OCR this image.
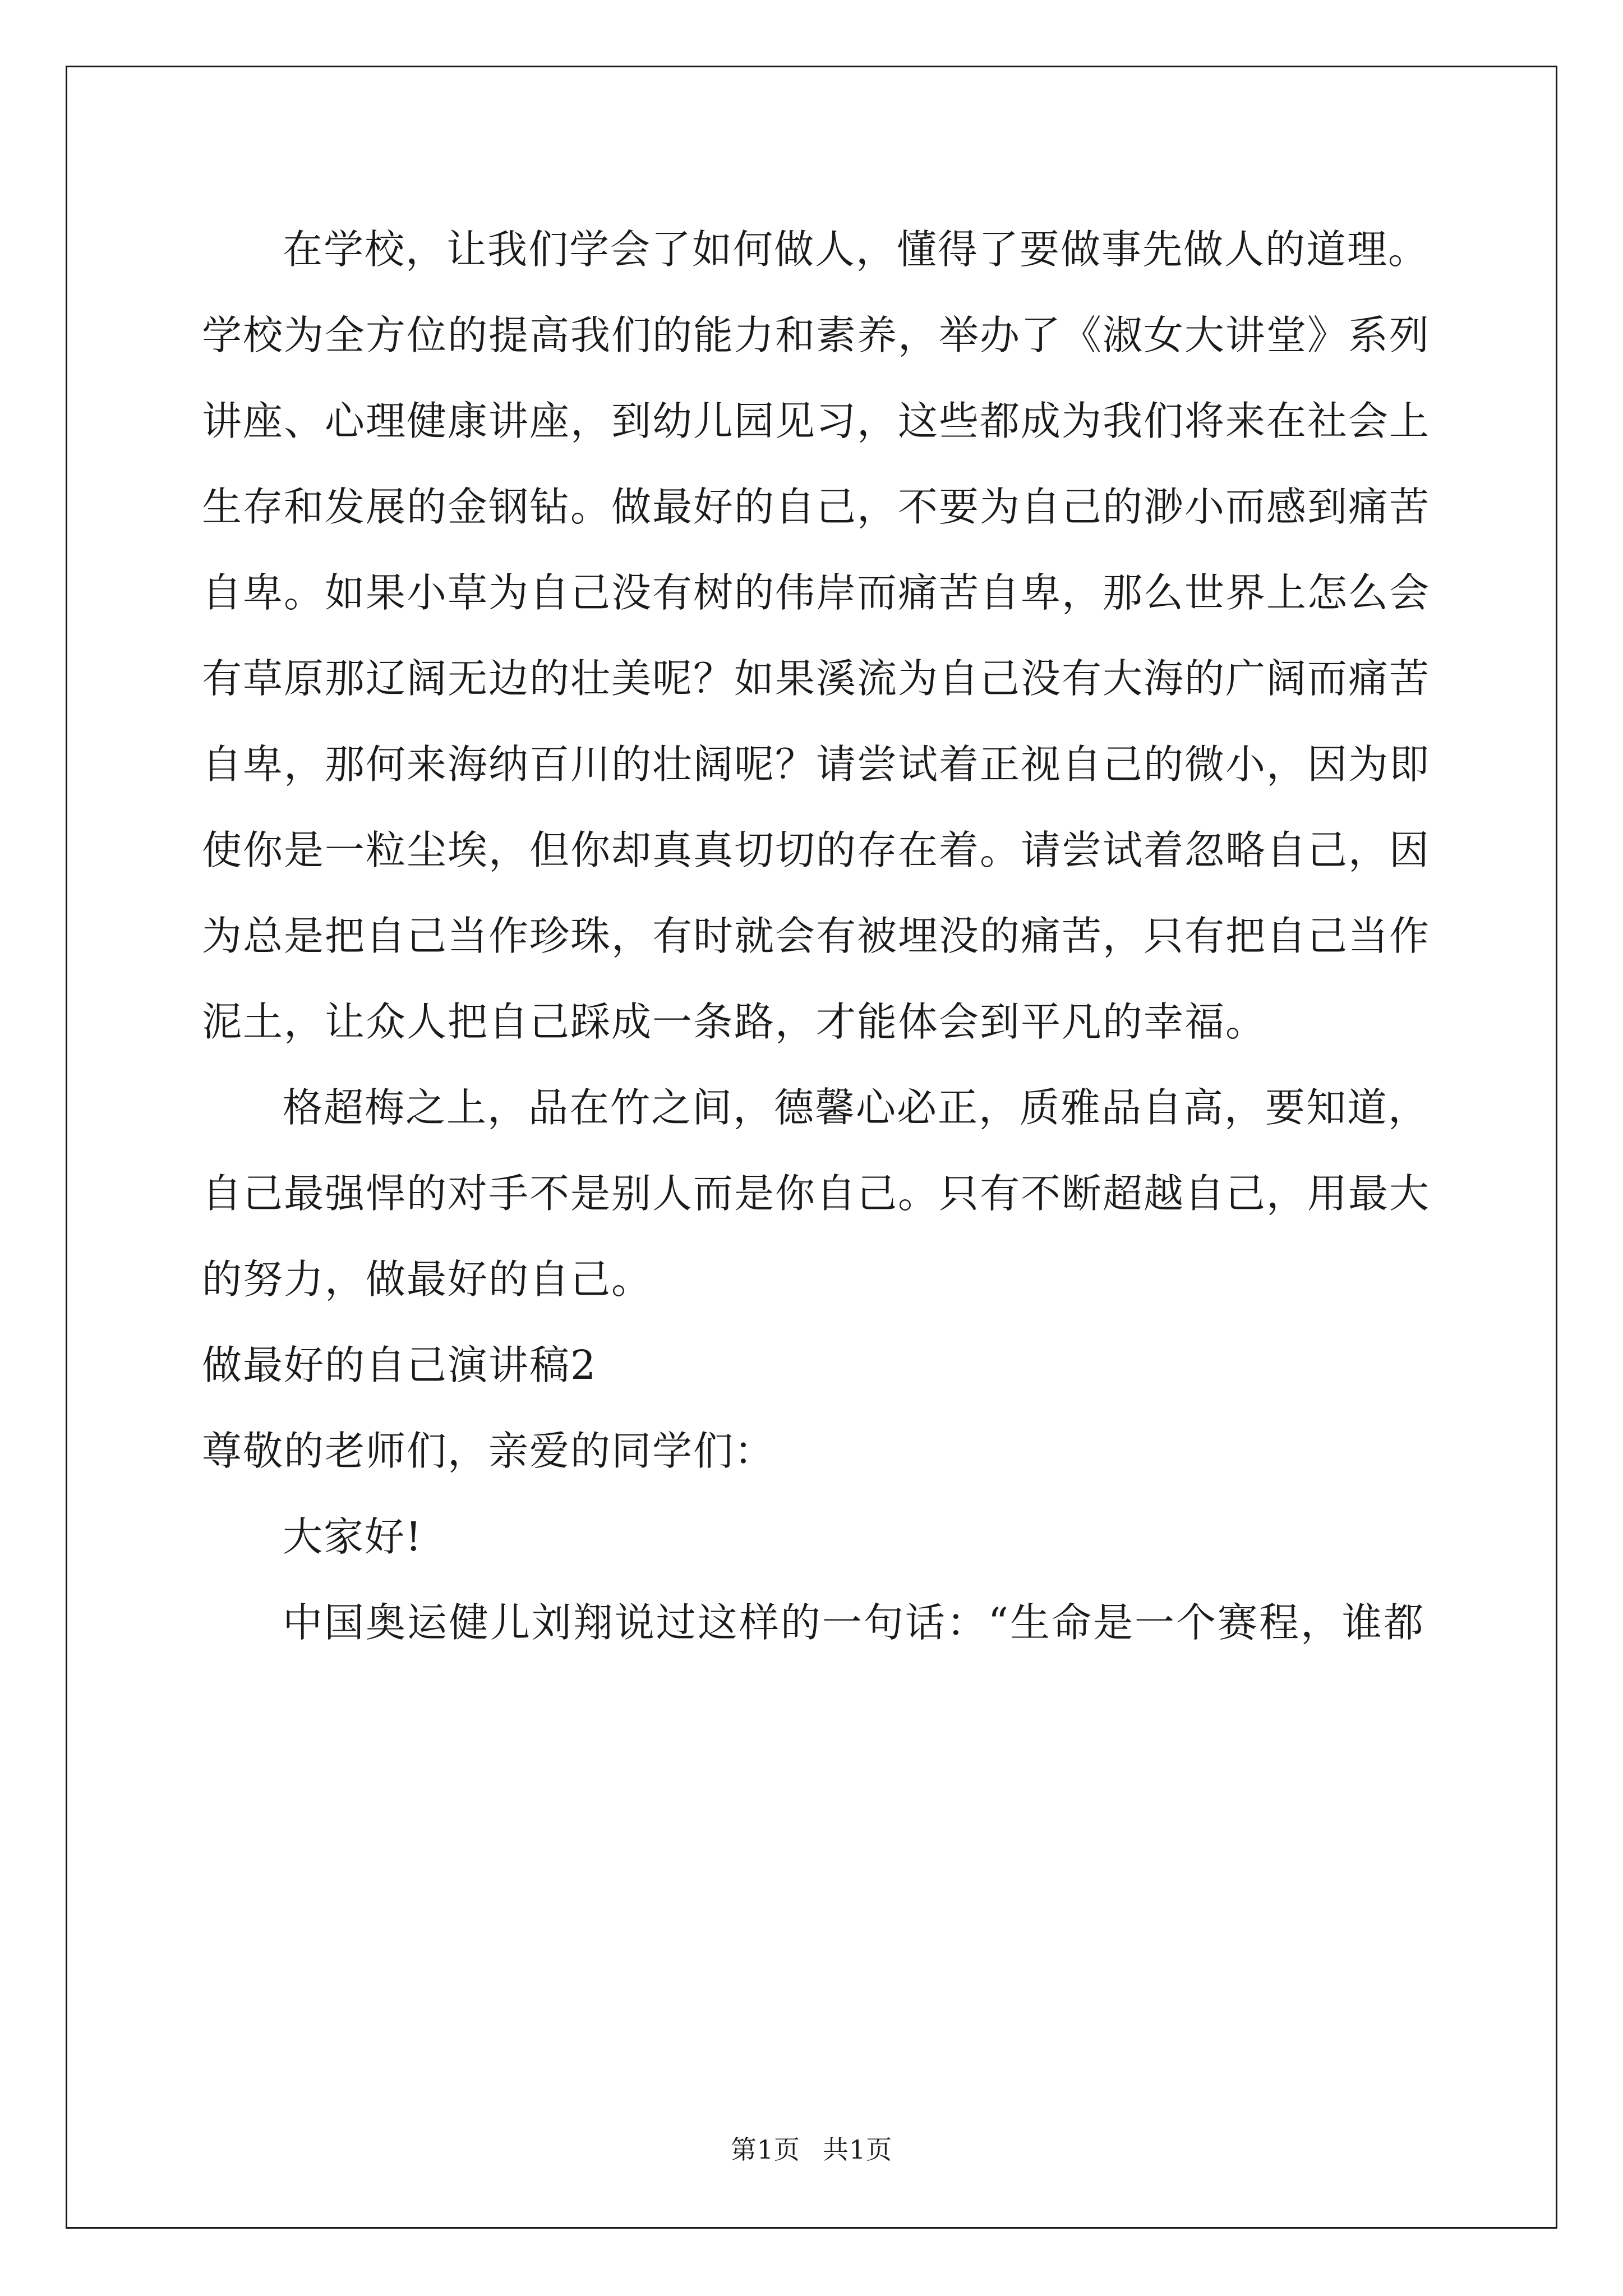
在学校，让我们学会了如何做人，懂得了要做事先做人的道理。
学校为全方位的提高我们的能力和素养，举办了《淑女大讲堂》系列
讲座、心理健康讲座，到幼儿园见习，这些都成为我们将来在社会上
生存和发展的金钢钻。做最好的自己，不要为自己的渺小而感到痛苦
自卑。如果小草为自己没有树的伟岸而痛苦自卑，那么世界上怎么会
有草原那辽阔无边的壮美呢？如果溪流为自己没有大海的广阔而痛苦
自卑，那何来海纳百川的壮阔呢？请尝试着正视自己的微小，因为即
使你是一粒尘埃，但你却真真切切的存在着。请尝试着忽略自己，因
为总是把自己当作珍珠，有时就会有被埋没的痛苦，只有把自己当作
泥土，让众人把自己踩成一条路，才能体会到平凡的幸福。
格超梅之上，品在竹之间，德馨心必正，质雅品自高，要知道，
自己最强悍的对手不是别人而是你自己。只有不断超越自己，用最大
的努力，做最好的自己。
做最好的自己演讲稿2
尊敬的老师们，亲爱的同学们：
大家好!
中国奥运健儿刘翔说过这样的一句话：“生命是一个赛程，谁都
第1页 共1页
